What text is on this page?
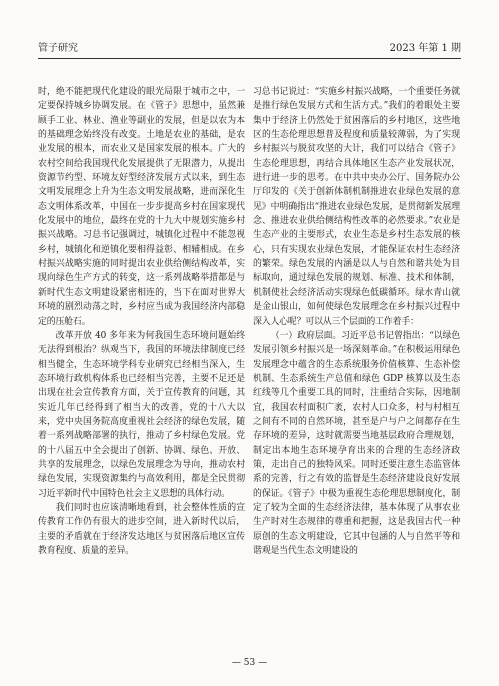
管子研究	2023 年第 1 期

时，绝不能把现代化建设的眼光局限于城市之中，一定要保持城乡协调发展。在《管子》思想中，虽然兼顾手工业、林业、渔业等副业的发展，但是以农为本的基础理念始终没有改变。土地是农业的基础，是农业发展的根本，而农业又是国家发展的根本。广大的农村空间给我国现代化发展提供了无限潜力，从提出资源节约型、环境友好型经济发展方式以来，到生态文明发展理念上升为生态文明发展战略，进而深化生态文明体系改革，中国在一步步提高乡村在国家现代化发展中的地位，最终在党的十九大中规划实施乡村振兴战略。习总书记强调过，城镇化过程中不能忽视乡村，城镇化和逆镇化要相得益彰、相辅相成。在乡村振兴战略实施的同时提出农业供给侧结构改革，实现向绿色生产方式的转变，这一系列战略举措都是与新时代生态文明建设紧密相连的，当下在面对世界大环境的剧烈动荡之时，乡村应当成为我国经济内部稳定的压舱石。

改革开放 40 多年来为何我国生态环境问题始终无法得到根治？纵观当下，我国的环境法律制度已经相当健全，生态环境学科专业研究已经相当深入，生态环境行政机构体系也已经相当完善，主要不足还是出现在社会宣传教育方面，关于宣传教育的问题，其实近几年已经得到了相当大的改善，党的十八大以来，党中央国务院高度重视社会经济的绿色发展，随着一系列战略部署的执行，推动了乡村绿色发展。党的十八届五中全会提出了创新、协调、绿色、开放、共享的发展理念，以绿色发展理念为导向，推动农村绿色发展，实现资源集约与高效利用，都是全民贯彻习近平新时代中国特色社会主义思想的具体行动。

我们同时也应该清晰地看到，社会整体性质的宣传教育工作仍有很大的进步空间，进入新时代以后，主要的矛盾就在于经济发达地区与贫困落后地区宣传教育程度、质量的差异。

习总书记说过：“实施乡村振兴战略，一个重要任务就是推行绿色发展方式和生活方式。”我们的着眼处主要集中于经济上仍然处于贫困落后的乡村地区，这些地区的生态伦理思想普及程度和质量较薄弱，为了实现乡村振兴与脱贫攻坚的大计，我们可以结合《管子》生态伦理思想，再结合具体地区生态产业发展状况，进行进一步的思考。在中共中央办公厅、国务院办公厅印发的《关于创新体制机制推进农业绿色发展的意见》中明确指出“推进农业绿色发展，是贯彻新发展理念、推进农业供给侧结构性改革的必然要求。”农业是生态产业的主要形式，农业生态是乡村生态发展的核心，只有实现农业绿色发展，才能保证农村生态经济的繁荣。绿色发展的内涵是以人与自然和谐共处为目标取向，通过绿色发展的规划、标准、技术和体制，机制使社会经济活动实现绿色低碳循环。绿水青山就是金山银山，如何使绿色发展理念在乡村振兴过程中深入人心呢？可以从三个层面的工作着手：

（一）政府层面。习近平总书记曾指出：“以绿色发展引领乡村振兴是一场深刻革命。”在积极运用绿色发展理念中蕴含的生态系统服务价值核算、生态补偿机制、生态系统生产总值和绿色 GDP 核算以及生态红线等几个重要工具的同时，注重结合实际，因地制宜，我国农村面积广袤，农村人口众多，村与村相互之间有不同的自然环境，甚至是户与户之间都存在生存环境的差异，这时就需要当地基层政府合理规划，制定出本地生态环境孕育出来的合理的生态经济政策，走出自己的独特风采。同时还要注意生态监管体系的完善，行之有效的监督是生态经济建设良好发展的保证。《管子》中极为重视生态伦理思想制度化，制定了较为全面的生态经济法律，基本体现了从事农业生产时对生态规律的尊重和把握，这是我国古代一种原创的生态文明建设，它其中包涵的人与自然平等和谐观是当代生态文明建设的

— 53 —
